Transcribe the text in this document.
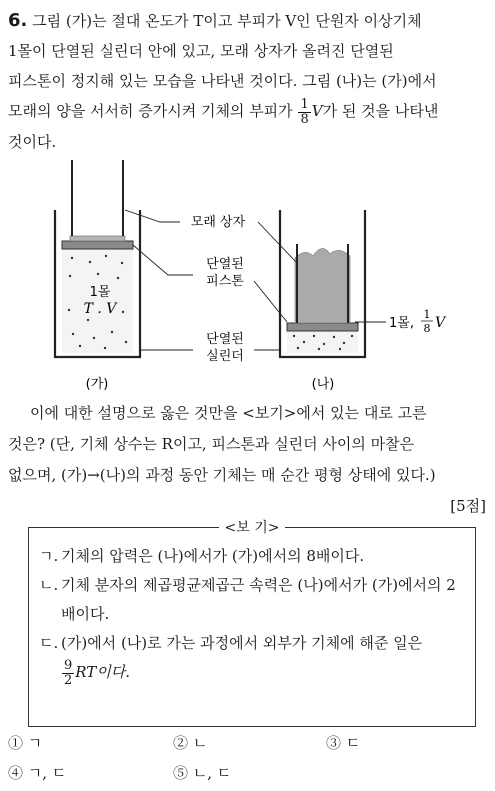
6. 그림 (가)는 절대 온도가 T이고 부피가 V인 단원자 이상기체
1몰이 단열된 실린더 안에 있고, 모래 상자가 올려진 단열된
피스톤이 정지해 있는 모습을 나타낸 것이다. 그림 (나)는 (가)에서
모래의 양을 서서히 증가시켜 기체의 부피가 $\frac{1}{8}$ V가 된 것을 나타낸
것이다.
1몰
T . V
모래 상자
단열된
피스톤
단열된
실린더
1몰,
1
8 V
(가)	(나)

이에 대한 설명으로 옳은 것만을 <보기>에서 있는 대로 고른

것은? (단, 기체 상수는 R이고, 피스톤과 실린더 사이의 마찰은
없으며, (가)→(나)의 과정 동안 기체는 매 순간 평형 상태에 있다.)
[5점]
<보 기>
ㄱ. 기체의 압력은 (나)에서가 (가)에서의 8배이다.
ㄴ. 기체 분자의 제곱평균제곱근 속력은 (나)에서가 (가)에서의 2배이다.
ㄷ. (가)에서 (나)로 가는 과정에서 외부가 기체에 해준 일은

$\frac{9}{2}$ RT이다.
① ㄱ	② ㄴ	③ ㄷ
④ ㄱ, ㄷ	⑤ ㄴ, ㄷ
